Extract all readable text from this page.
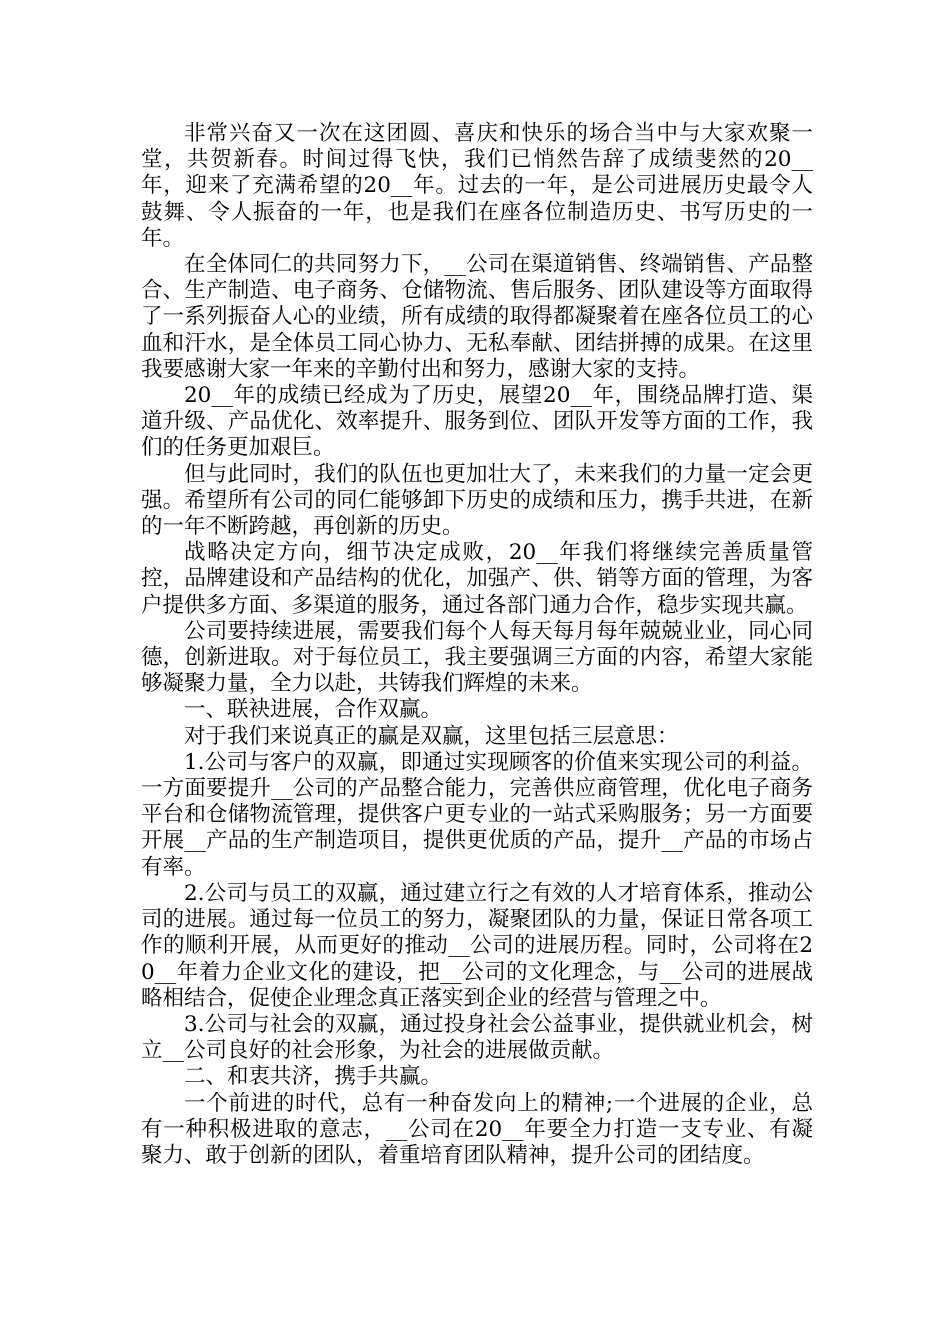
非常兴奋又一次在这团圆、喜庆和快乐的场合当中与大家欢聚一堂，共贺新春。时间过得飞快，我们已悄然告辞了成绩斐然的20__年，迎来了充满希望的20__年。过去的一年，是公司进展历史最令人鼓舞、令人振奋的一年，也是我们在座各位制造历史、书写历史的一年。

在全体同仁的共同努力下，__公司在渠道销售、终端销售、产品整合、生产制造、电子商务、仓储物流、售后服务、团队建设等方面取得了一系列振奋人心的业绩，所有成绩的取得都凝聚着在座各位员工的心血和汗水，是全体员工同心协力、无私奉献、团结拼搏的成果。在这里我要感谢大家一年来的辛勤付出和努力，感谢大家的支持。

20__年的成绩已经成为了历史，展望20__年，围绕品牌打造、渠道升级、产品优化、效率提升、服务到位、团队开发等方面的工作，我们的任务更加艰巨。

但与此同时，我们的队伍也更加壮大了，未来我们的力量一定会更强。希望所有公司的同仁能够卸下历史的成绩和压力，携手共进，在新的一年不断跨越，再创新的历史。

战略决定方向，细节决定成败，20__年我们将继续完善质量管控，品牌建设和产品结构的优化，加强产、供、销等方面的管理，为客户提供多方面、多渠道的服务，通过各部门通力合作，稳步实现共赢。

公司要持续进展，需要我们每个人每天每月每年兢兢业业，同心同德，创新进取。对于每位员工，我主要强调三方面的内容，希望大家能够凝聚力量，全力以赴，共铸我们辉煌的未来。

一、联袂进展，合作双赢。

对于我们来说真正的赢是双赢，这里包括三层意思：

1.公司与客户的双赢，即通过实现顾客的价值来实现公司的利益。一方面要提升__公司的产品整合能力，完善供应商管理，优化电子商务平台和仓储物流管理，提供客户更专业的一站式采购服务；另一方面要开展__产品的生产制造项目，提供更优质的产品，提升__产品的市场占有率。

2.公司与员工的双赢，通过建立行之有效的人才培育体系，推动公司的进展。通过每一位员工的努力，凝聚团队的力量，保证日常各项工作的顺利开展，从而更好的推动__公司的进展历程。同时，公司将在20__年着力企业文化的建设，把__公司的文化理念，与__公司的进展战略相结合，促使企业理念真正落实到企业的经营与管理之中。

3.公司与社会的双赢，通过投身社会公益事业，提供就业机会，树立__公司良好的社会形象，为社会的进展做贡献。

二、和衷共济，携手共赢。

一个前进的时代，总有一种奋发向上的精神;一个进展的企业，总有一种积极进取的意志，__公司在20__年要全力打造一支专业、有凝聚力、敢于创新的团队，着重培育团队精神，提升公司的团结度。
